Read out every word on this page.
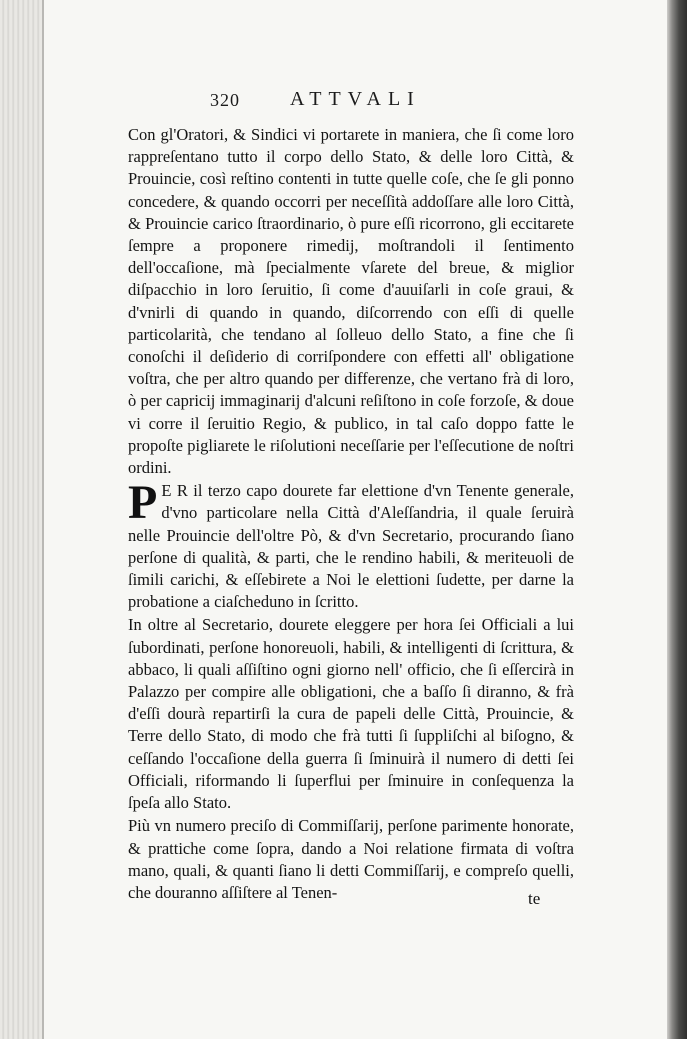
320	ATTVALI

Con gl'Oratori, & Sindici vi portarete in maniera, che ſi come loro rappreſentano tutto il corpo dello Stato, & delle loro Città, & Prouincie, così reſtino contenti in tutte quelle coſe, che ſe gli ponno concedere, & quando occorri per neceſſità addoſſare alle loro Città, & Prouincie carico ſtraordinario, ò pure eſſi ricorrono, gli eccitarete ſempre a proponere rimedij, moſtrandoli il ſentimento dell'occaſione, mà ſpecialmente vſarete del breue, & miglior diſpacchio in loro ſeruitio, ſi come d'auuiſarli in coſe graui, & d'vnirli di quando in quando, diſcorrendo con eſſi di quelle particolarità, che tendano al ſolleuo dello Stato, a fine che ſi conoſchi il deſiderio di corriſpondere con effetti all' obligatione voſtra, che per altro quando per differenze, che vertano frà di loro, ò per capricij immaginarij d'alcuni reſiſtono in coſe forzoſe, & doue vi corre il ſeruitio Regio, & publico, in tal caſo doppo fatte le propoſte pigliarete le riſolutioni neceſſarie per l'eſſecutione de noſtri ordini.

P E R il terzo capo dourete far elettione d'vn Tenente generale, d'vno particolare nella Città d'Aleſſandria, il quale ſeruirà nelle Prouincie dell'oltre Pò, & d'vn Secretario, procurando ſiano perſone di qualità, & parti, che le rendino habili, & meriteuoli de ſimili carichi, & eſſebirete a Noi le elettioni ſudette, per darne la probatione a ciaſcheduno in ſcritto.

In oltre al Secretario, dourete eleggere per hora ſei Officiali a lui ſubordinati, perſone honoreuoli, habili, & intelligenti di ſcrittura, & abbaco, li quali aſſiſtino ogni giorno nell' officio, che ſi eſſercirà in Palazzo per compire alle obligationi, che a baſſo ſi diranno, & frà d'eſſi dourà repartirſi la cura de papeli delle Città, Prouincie, & Terre dello Stato, di modo che frà tutti ſi ſuppliſchi al biſogno, & ceſſando l'occaſione della guerra ſi ſminuirà il numero di detti ſei Officiali, riformando li ſuperflui per ſminuire in conſequenza la ſpeſa allo Stato.

Più vn numero preciſo di Commiſſarij, perſone parimente honorate, & prattiche come ſopra, dando a Noi relatione firmata di voſtra mano, quali, & quanti ſiano li detti Commiſſarij, e compreſo quelli, che douranno aſſiſtere al Tenen-	te
